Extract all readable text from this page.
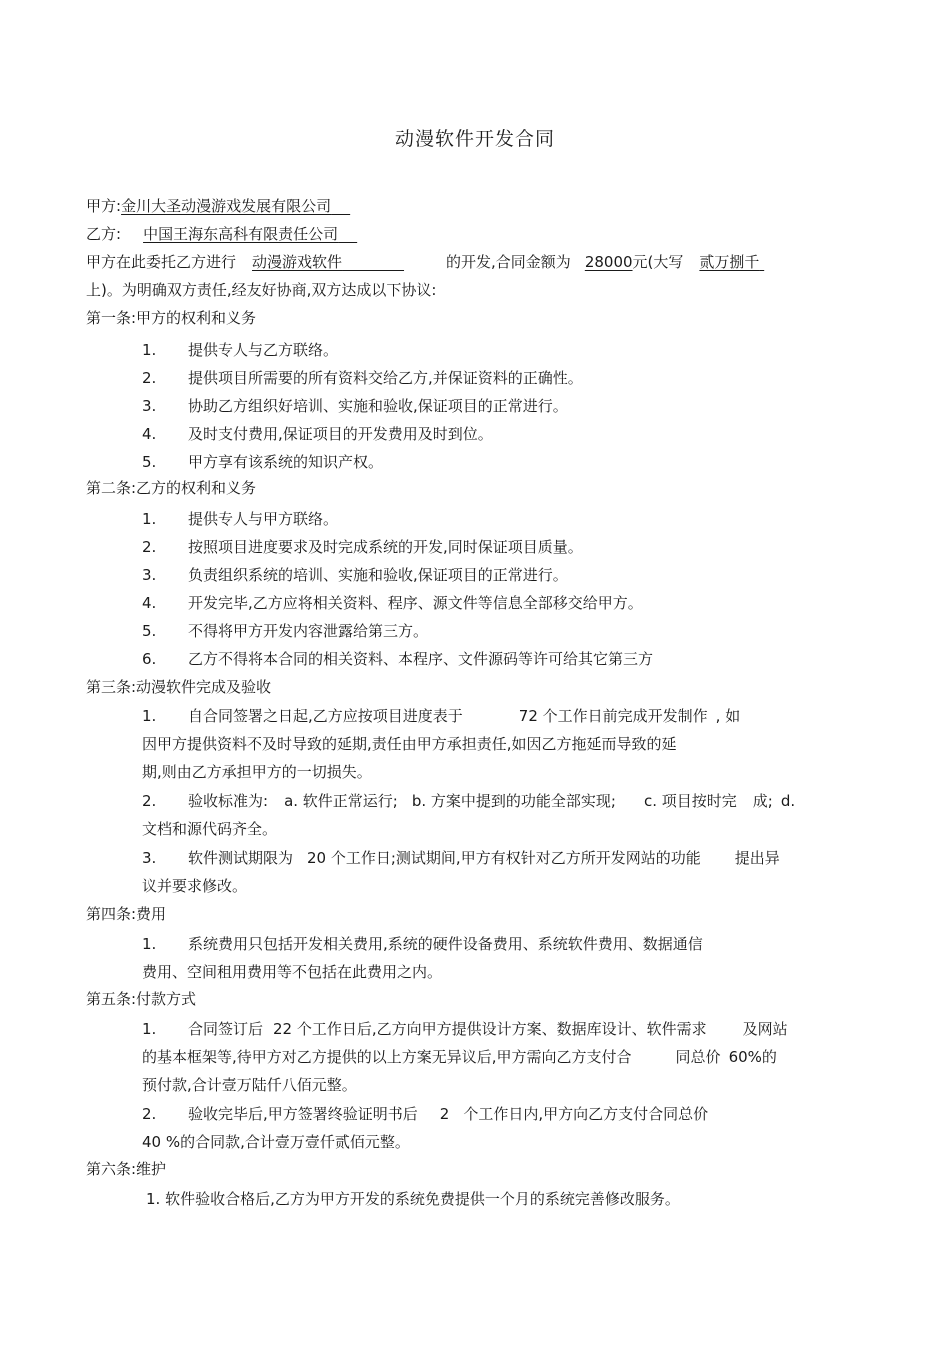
动漫软件开发合同
甲方:金川大圣动漫游戏发展有限公司
乙方: 中国王海东高科有限责任公司
甲方在此委托乙方进行 动漫游戏软件	的开发,合同金额为 28000元(大写 贰万捌千
上)。为明确双方责任,经友好协商,双方达成以下协议:
第一条:甲方的权利和义务
1. 提供专人与乙方联络。
2. 提供项目所需要的所有资料交给乙方,并保证资料的正确性。
3. 协助乙方组织好培训、实施和验收,保证项目的正常进行。
4. 及时支付费用,保证项目的开发费用及时到位。
5. 甲方享有该系统的知识产权。
第二条:乙方的权利和义务
1. 提供专人与甲方联络。
2. 按照项目进度要求及时完成系统的开发,同时保证项目质量。
3. 负责组织系统的培训、实施和验收,保证项目的正常进行。
4. 开发完毕,乙方应将相关资料、程序、源文件等信息全部移交给甲方。
5. 不得将甲方开发内容泄露给第三方。
6. 乙方不得将本合同的相关资料、本程序、文件源码等许可给其它第三方
第三条:动漫软件完成及验收
1. 自合同签署之日起,乙方应按项目进度表于	72 个工作日前完成开发制作 , 如
因甲方提供资料不及时导致的延期,责任由甲方承担责任,如因乙方拖延而导致的延
期,则由乙方承担甲方的一切损失。
2. 验收标准为: a. 软件正常运行; b. 方案中提到的功能全部实现; c. 项目按时完 成; d.
文档和源代码齐全。
3. 软件测试期限为 20 个工作日;测试期间,甲方有权针对乙方所开发网站的功能 提出异
议并要求修改。
第四条:费用
1. 系统费用只包括开发相关费用,系统的硬件设备费用、系统软件费用、数据通信
费用、空间租用费用等不包括在此费用之内。
第五条:付款方式
1. 合同签订后 22 个工作日后,乙方向甲方提供设计方案、数据库设计、软件需求 及网站
的基本框架等,待甲方对乙方提供的以上方案无异议后,甲方需向乙方支付合	同总价 60%的
预付款,合计壹万陆仟八佰元整。
2. 验收完毕后,甲方签署终验证明书后 2 个工作日内,甲方向乙方支付合同总价
40 %的合同款,合计壹万壹仟贰佰元整。
第六条:维护
1. 软件验收合格后,乙方为甲方开发的系统免费提供一个月的系统完善修改服务。
